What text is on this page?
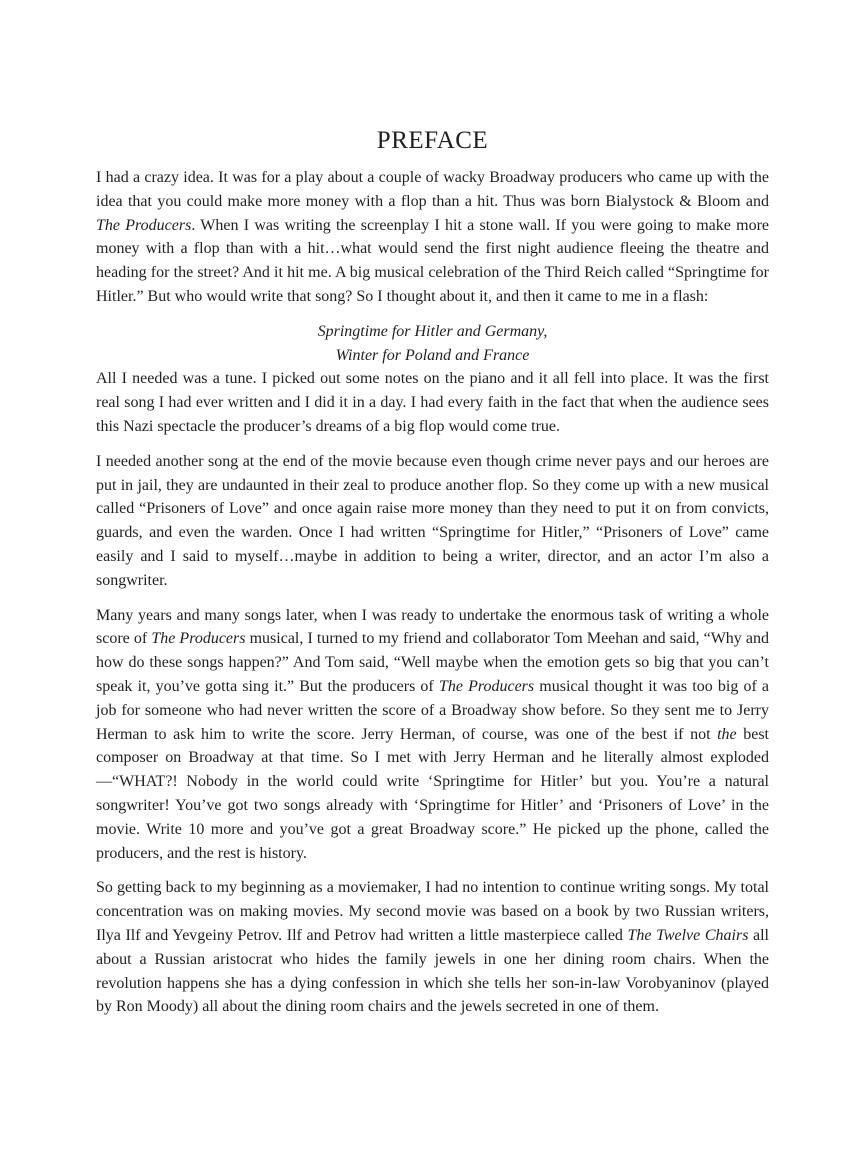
PREFACE

I had a crazy idea. It was for a play about a couple of wacky Broadway producers who came up with the idea that you could make more money with a flop than a hit. Thus was born Bialystock & Bloom and The Producers. When I was writing the screenplay I hit a stone wall. If you were going to make more money with a flop than with a hit…what would send the first night audience fleeing the theatre and heading for the street? And it hit me. A big musical celebration of the Third Reich called “Springtime for Hitler.” But who would write that song? So I thought about it, and then it came to me in a flash:

Springtime for Hitler and Germany,
Winter for Poland and France

All I needed was a tune. I picked out some notes on the piano and it all fell into place. It was the first real song I had ever written and I did it in a day. I had every faith in the fact that when the audience sees this Nazi spectacle the producer’s dreams of a big flop would come true.

I needed another song at the end of the movie because even though crime never pays and our heroes are put in jail, they are undaunted in their zeal to produce another flop. So they come up with a new musical called “Prisoners of Love” and once again raise more money than they need to put it on from convicts, guards, and even the warden. Once I had written “Springtime for Hitler,” “Prisoners of Love” came easily and I said to myself…maybe in addition to being a writer, director, and an actor I’m also a songwriter.

Many years and many songs later, when I was ready to undertake the enormous task of writing a whole score of The Producers musical, I turned to my friend and collaborator Tom Meehan and said, “Why and how do these songs happen?” And Tom said, “Well maybe when the emotion gets so big that you can’t speak it, you’ve gotta sing it.” But the producers of The Producers musical thought it was too big of a job for someone who had never written the score of a Broadway show before. So they sent me to Jerry Herman to ask him to write the score. Jerry Herman, of course, was one of the best if not the best composer on Broadway at that time. So I met with Jerry Herman and he literally almost exploded—“WHAT?! Nobody in the world could write ‘Springtime for Hitler’ but you. You’re a natural songwriter! You’ve got two songs already with ‘Springtime for Hitler’ and ‘Prisoners of Love’ in the movie. Write 10 more and you’ve got a great Broadway score.” He picked up the phone, called the producers, and the rest is history.

So getting back to my beginning as a moviemaker, I had no intention to continue writing songs. My total concentration was on making movies. My second movie was based on a book by two Russian writers, Ilya Ilf and Yevgeiny Petrov. Ilf and Petrov had written a little masterpiece called The Twelve Chairs all about a Russian aristocrat who hides the family jewels in one her dining room chairs. When the revolution happens she has a dying confession in which she tells her son-in-law Vorobyaninov (played by Ron Moody) all about the dining room chairs and the jewels secreted in one of them.
